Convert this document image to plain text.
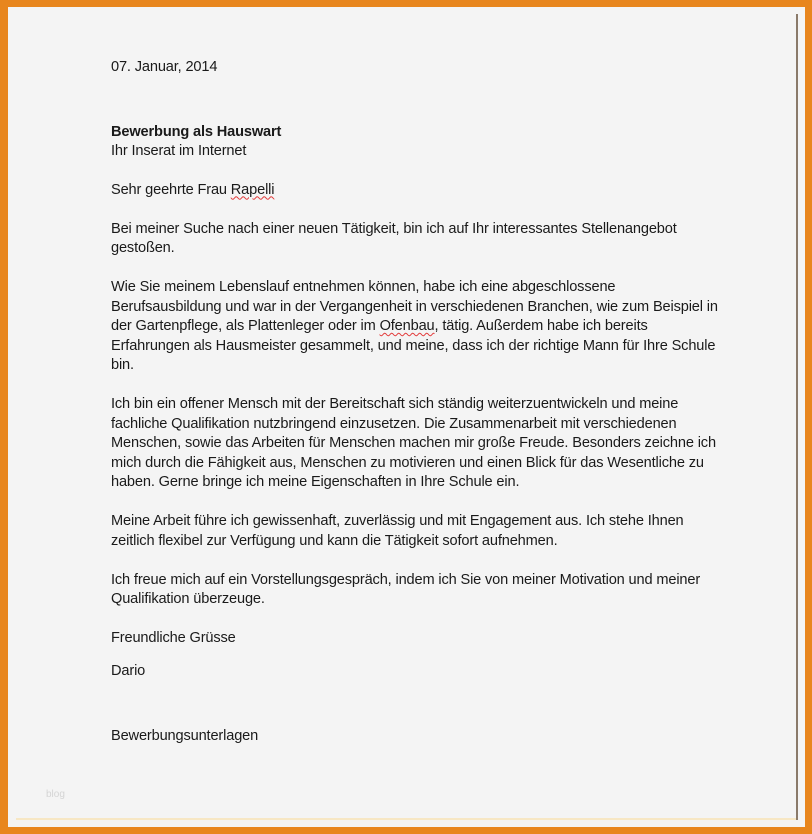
07. Januar, 2014

Bewerbung als Hauswart

Ihr Inserat im Internet

Sehr geehrte Frau Rapelli

Bei meiner Suche nach einer neuen Tätigkeit, bin ich auf Ihr interessantes Stellenangebot gestoßen.

Wie Sie meinem Lebenslauf entnehmen können, habe ich eine abgeschlossene Berufsausbildung und war in der Vergangenheit in verschiedenen Branchen, wie zum Beispiel in der Gartenpflege, als Plattenleger oder im Ofenbau, tätig. Außerdem habe ich bereits Erfahrungen als Hausmeister gesammelt, und meine, dass ich der richtige Mann für Ihre Schule bin.

Ich bin ein offener Mensch mit der Bereitschaft sich ständig weiterzuentwickeln und meine fachliche Qualifikation nutzbringend einzusetzen. Die Zusammenarbeit mit verschiedenen Menschen, sowie das Arbeiten für Menschen machen mir große Freude. Besonders zeichne ich mich durch die Fähigkeit aus, Menschen zu motivieren und einen Blick für das Wesentliche zu haben. Gerne bringe ich meine Eigenschaften in Ihre Schule ein.

Meine Arbeit führe ich gewissenhaft, zuverlässig und mit Engagement aus. Ich stehe Ihnen zeitlich flexibel zur Verfügung und kann die Tätigkeit sofort aufnehmen.

Ich freue mich auf ein Vorstellungsgespräch, indem ich Sie von meiner Motivation und meiner Qualifikation überzeuge.

Freundliche Grüsse

Dario

Bewerbungsunterlagen

blog
